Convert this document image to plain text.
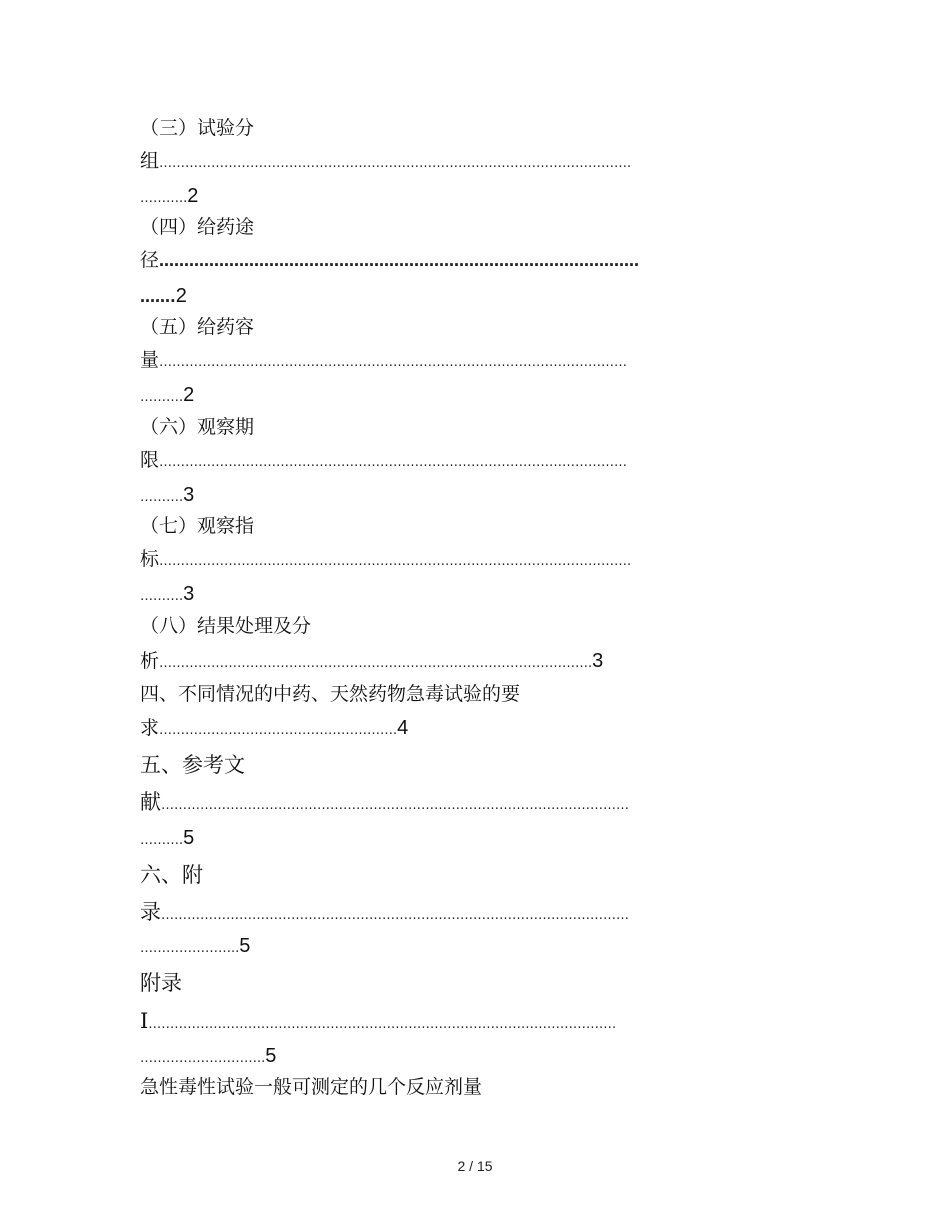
（三）试验分
组……………………………………………………………………………………………….
………..2
（四）给药途
径……………………………………………………………………………………
…….2
（五）给药容
量………………………………………………………………………………………………
……….2
（六）观察期
限………………………………………………………………………………………………
……….3
（七）观察指
标……………………………………………………………………………………………….
……….3
（八）结果处理及分
析……………………………………………………………………………………….3
四、不同情况的中药、天然药物急毒试验的要
求……………………………………………….4
五、参考文
献………………………………………………………………………………………………
……….5
六、附
录………………………………………………………………………………………………
…………………..5
附录
Ⅰ………………………………………………………………………………………………
………………………..5
急性毒性试验一般可测定的几个反应剂量
2 / 15
